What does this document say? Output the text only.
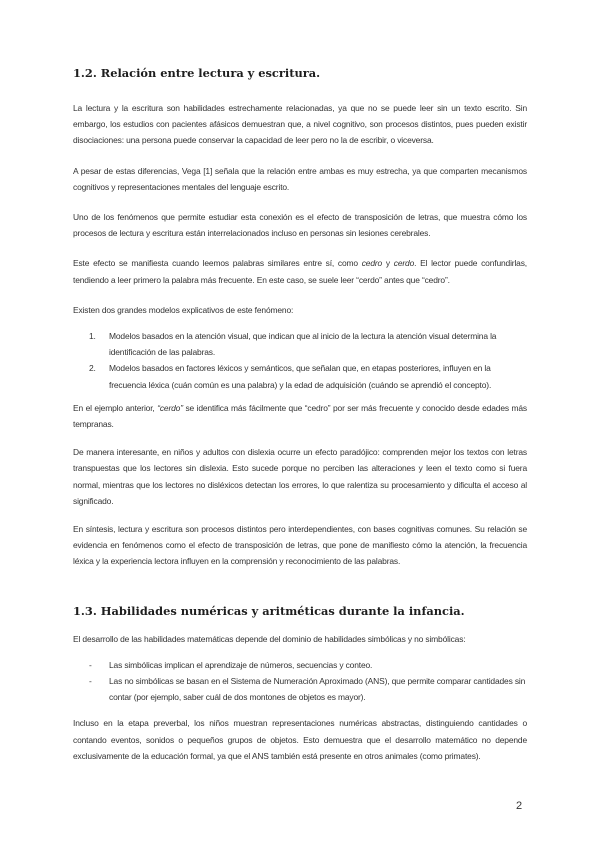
1.2. Relación entre lectura y escritura.

La lectura y la escritura son habilidades estrechamente relacionadas, ya que no se puede leer sin un texto escrito. Sin embargo, los estudios con pacientes afásicos demuestran que, a nivel cognitivo, son procesos distintos, pues pueden existir disociaciones: una persona puede conservar la capacidad de leer pero no la de escribir, o viceversa.

A pesar de estas diferencias, Vega [1] señala que la relación entre ambas es muy estrecha, ya que comparten mecanismos cognitivos y representaciones mentales del lenguaje escrito.

Uno de los fenómenos que permite estudiar esta conexión es el efecto de transposición de letras, que muestra cómo los procesos de lectura y escritura están interrelacionados incluso en personas sin lesiones cerebrales.

Este efecto se manifiesta cuando leemos palabras similares entre sí, como cedro y cerdo. El lector puede confundirlas, tendiendo a leer primero la palabra más frecuente. En este caso, se suele leer “cerdo” antes que “cedro”.

Existen dos grandes modelos explicativos de este fenómeno:

1. Modelos basados en la atención visual, que indican que al inicio de la lectura la atención visual determina la identificación de las palabras.
2. Modelos basados en factores léxicos y semánticos, que señalan que, en etapas posteriores, influyen en la frecuencia léxica (cuán común es una palabra) y la edad de adquisición (cuándo se aprendió el concepto).

En el ejemplo anterior, “cerdo” se identifica más fácilmente que “cedro” por ser más frecuente y conocido desde edades más tempranas.

De manera interesante, en niños y adultos con dislexia ocurre un efecto paradójico: comprenden mejor los textos con letras transpuestas que los lectores sin dislexia. Esto sucede porque no perciben las alteraciones y leen el texto como si fuera normal, mientras que los lectores no disléxicos detectan los errores, lo que ralentiza su procesamiento y dificulta el acceso al significado.

En síntesis, lectura y escritura son procesos distintos pero interdependientes, con bases cognitivas comunes. Su relación se evidencia en fenómenos como el efecto de transposición de letras, que pone de manifiesto cómo la atención, la frecuencia léxica y la experiencia lectora influyen en la comprensión y reconocimiento de las palabras.

1.3. Habilidades numéricas y aritméticas durante la infancia.

El desarrollo de las habilidades matemáticas depende del dominio de habilidades simbólicas y no simbólicas:

- Las simbólicas implican el aprendizaje de números, secuencias y conteo.
- Las no simbólicas se basan en el Sistema de Numeración Aproximado (ANS), que permite comparar cantidades sin contar (por ejemplo, saber cuál de dos montones de objetos es mayor).

Incluso en la etapa preverbal, los niños muestran representaciones numéricas abstractas, distinguiendo cantidades o contando eventos, sonidos o pequeños grupos de objetos. Esto demuestra que el desarrollo matemático no depende exclusivamente de la educación formal, ya que el ANS también está presente en otros animales (como primates).

2
